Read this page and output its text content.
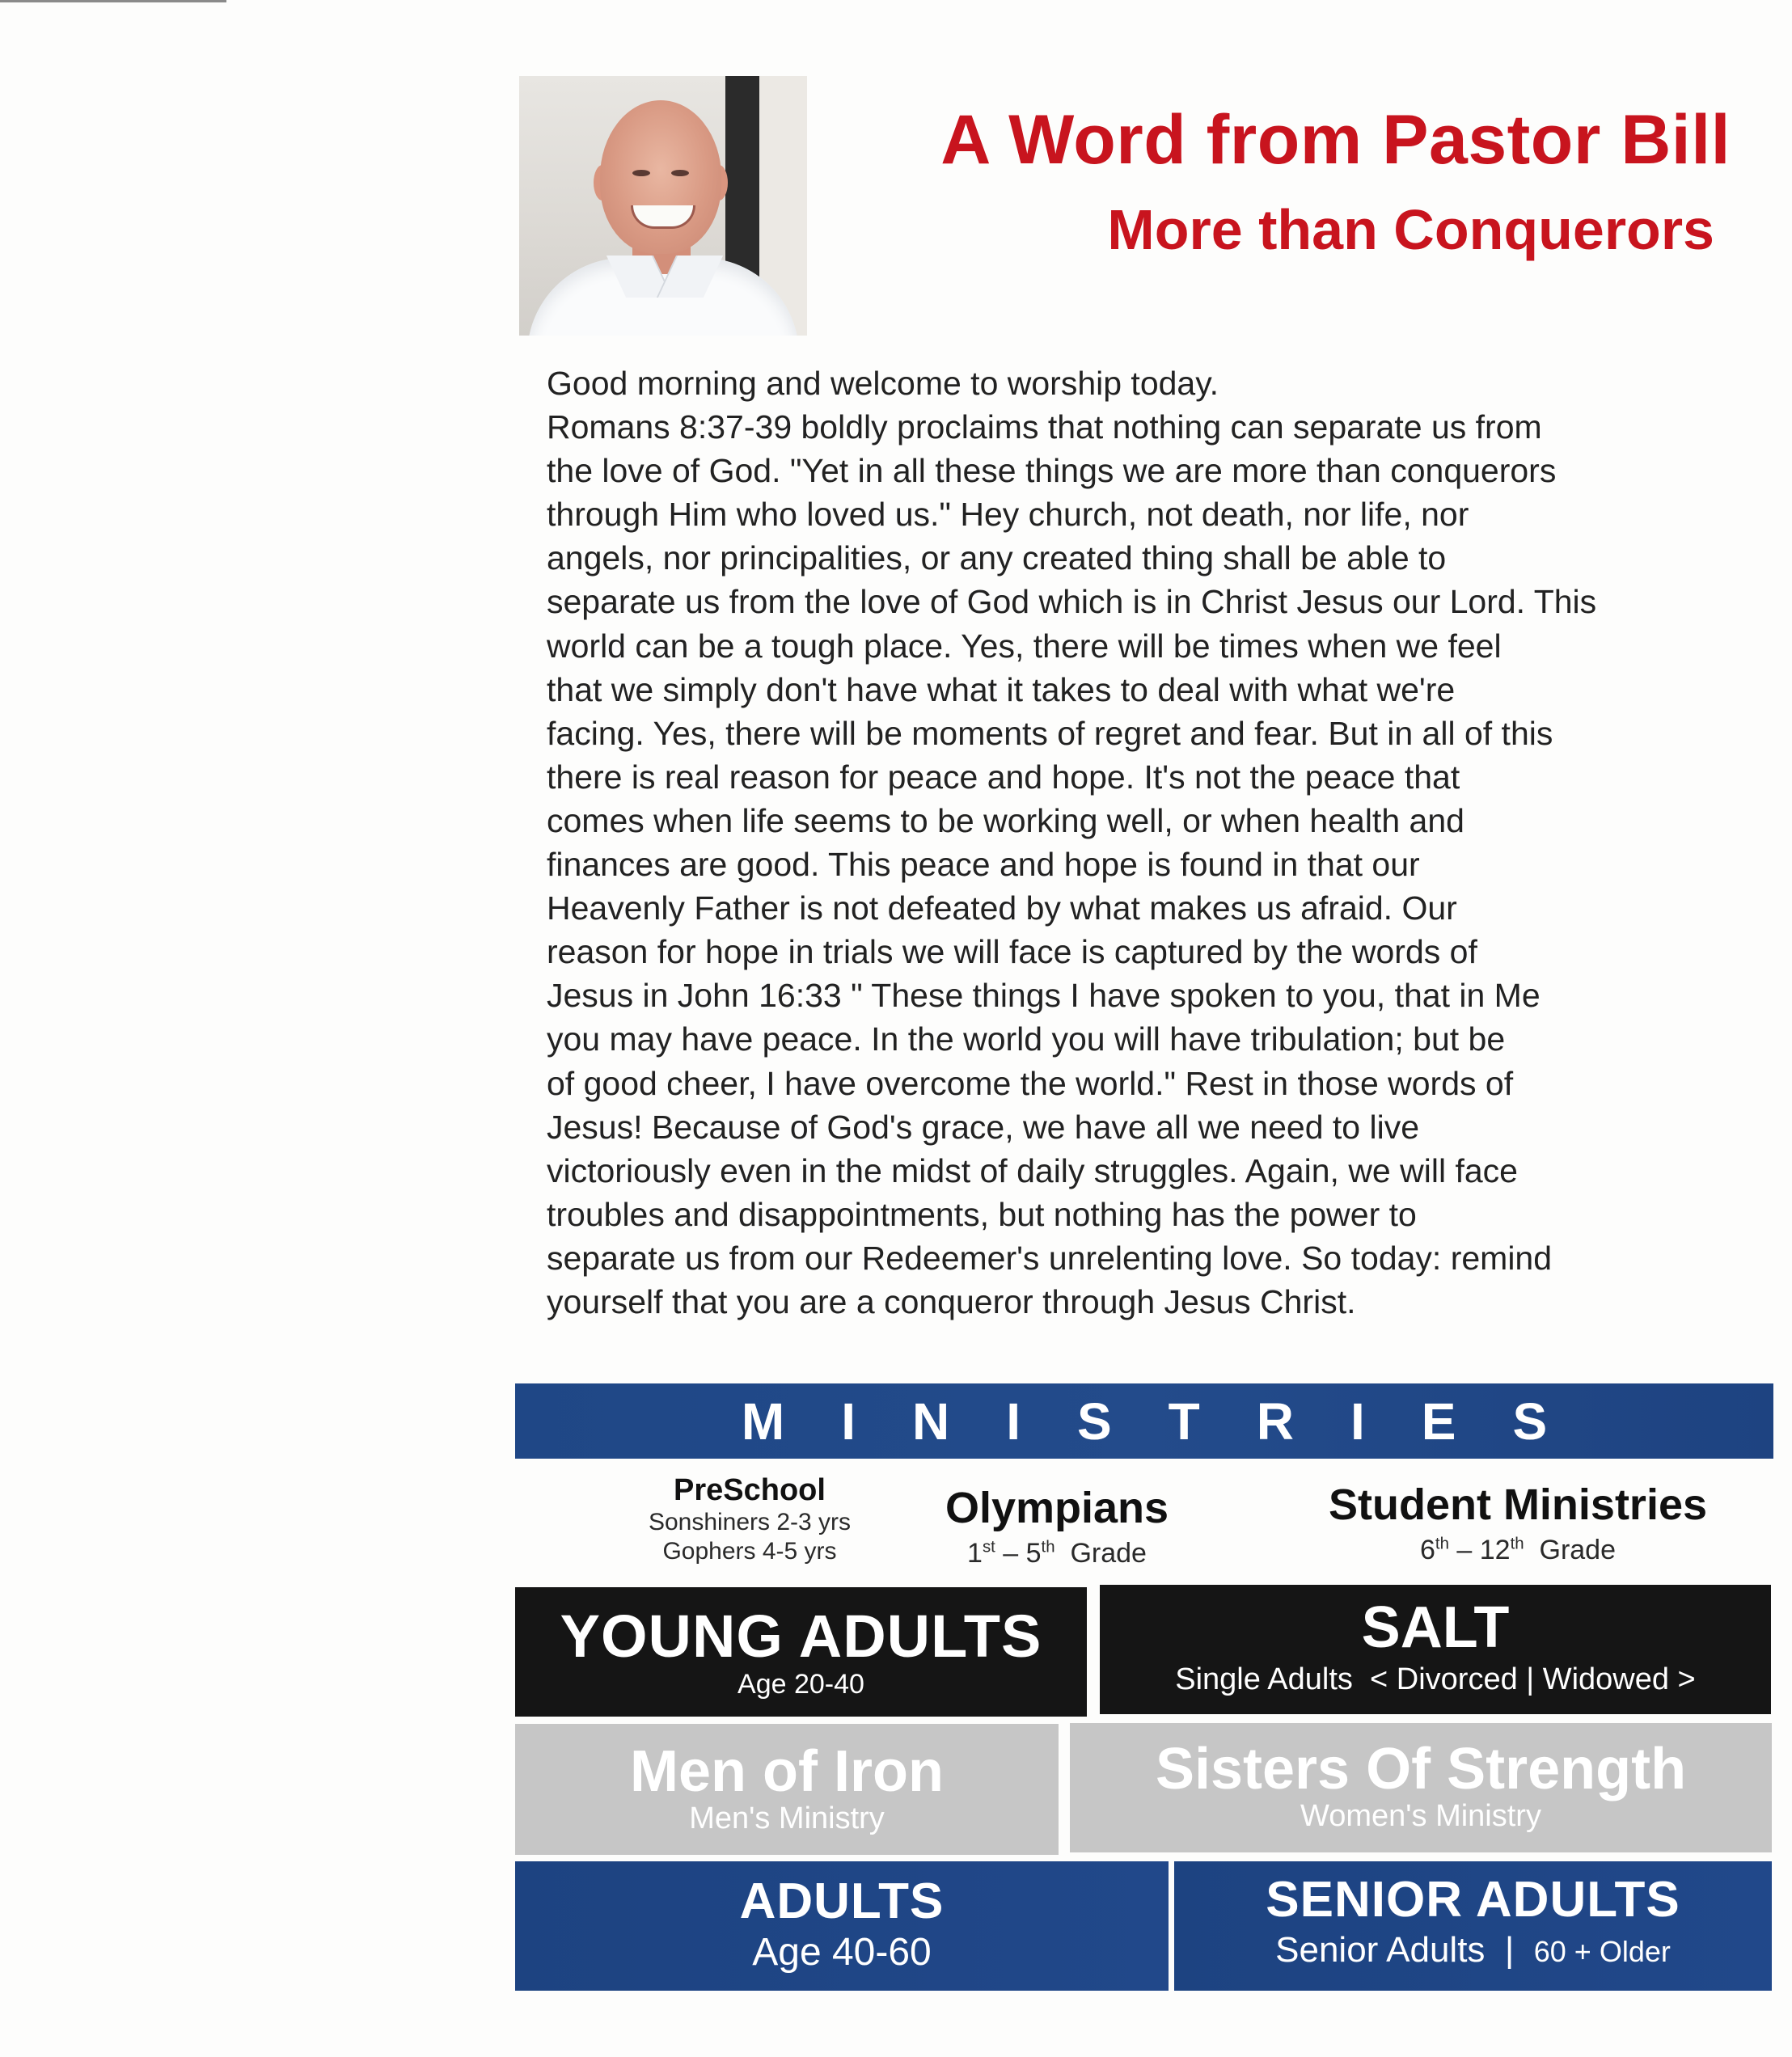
A Word from Pastor Bill
More than Conquerors

Good morning and welcome to worship today.
Romans 8:37-39 boldly proclaims that nothing can separate us from
the love of God. "Yet in all these things we are more than conquerors
through Him who loved us." Hey church, not death, nor life, nor
angels, nor principalities, or any created thing shall be able to
separate us from the love of God which is in Christ Jesus our Lord. This
world can be a tough place. Yes, there will be times when we feel
that we simply don't have what it takes to deal with what we're
facing. Yes, there will be moments of regret and fear. But in all of this
there is real reason for peace and hope. It's not the peace that
comes when life seems to be working well, or when health and
finances are good. This peace and hope is found in that our
Heavenly Father is not defeated by what makes us afraid. Our
reason for hope in trials we will face is captured by the words of
Jesus in John 16:33 " These things I have spoken to you, that in Me
you may have peace. In the world you will have tribulation; but be
of good cheer, I have overcome the world." Rest in those words of
Jesus! Because of God's grace, we have all we need to live
victoriously even in the midst of daily struggles. Again, we will face
troubles and disappointments, but nothing has the power to
separate us from our Redeemer's unrelenting love. So today: remind
yourself that you are a conqueror through Jesus Christ.

MINISTRIES
PreSchool
Sonshiners 2-3 yrs
Gophers 4-5 yrs
Olympians
1st – 5th Grade
Student Ministries
6th – 12th Grade
YOUNG ADULTS
Age 20-40
SALT
Single Adults  < Divorced | Widowed >
Men of Iron
Men's Ministry
Sisters Of Strength
Women's Ministry
ADULTS
Age 40-60
SENIOR ADULTS
Senior Adults  |  60 + Older
